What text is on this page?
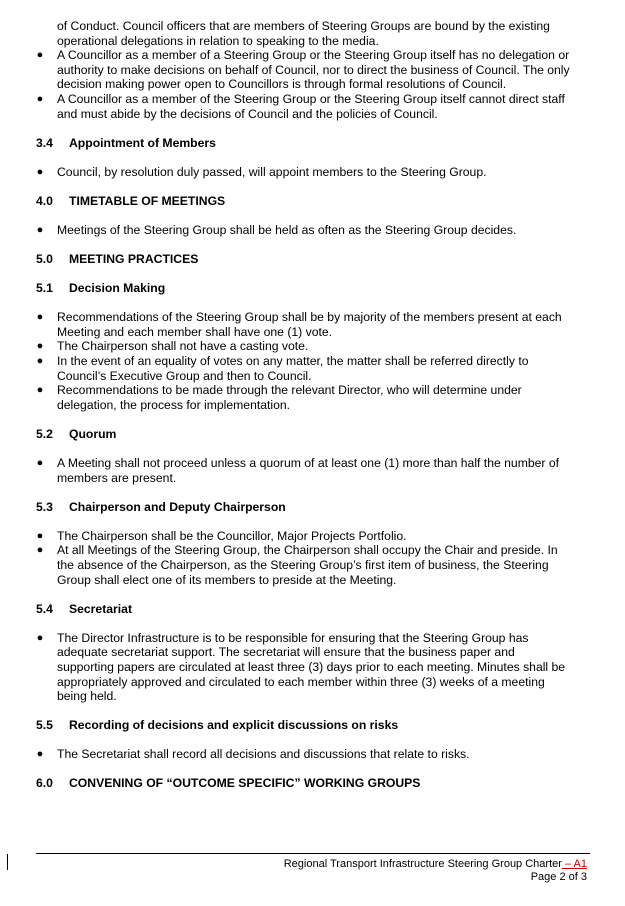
of Conduct. Council officers that are members of Steering Groups are bound by the existing
operational delegations in relation to speaking to the media.
● A Councillor as a member of a Steering Group or the Steering Group itself has no delegation or
authority to make decisions on behalf of Council, nor to direct the business of Council. The only
decision making power open to Councillors is through formal resolutions of Council.
● A Councillor as a member of the Steering Group or the Steering Group itself cannot direct staff
and must abide by the decisions of Council and the policies of Council.
3.4	Appointment of Members
● Council, by resolution duly passed, will appoint members to the Steering Group.
4.0	TIMETABLE OF MEETINGS
● Meetings of the Steering Group shall be held as often as the Steering Group decides.
5.0	MEETING PRACTICES
5.1	Decision Making
● Recommendations of the Steering Group shall be by majority of the members present at each
Meeting and each member shall have one (1) vote.
● The Chairperson shall not have a casting vote.
● In the event of an equality of votes on any matter, the matter shall be referred directly to
Council’s Executive Group and then to Council.
● Recommendations to be made through the relevant Director, who will determine under
delegation, the process for implementation.
5.2	Quorum
● A Meeting shall not proceed unless a quorum of at least one (1) more than half the number of
members are present.
5.3	Chairperson and Deputy Chairperson
● The Chairperson shall be the Councillor, Major Projects Portfolio.
● At all Meetings of the Steering Group, the Chairperson shall occupy the Chair and preside. In
the absence of the Chairperson, as the Steering Group’s first item of business, the Steering
Group shall elect one of its members to preside at the Meeting.
5.4	Secretariat
● The Director Infrastructure is to be responsible for ensuring that the Steering Group has
adequate secretariat support. The secretariat will ensure that the business paper and
supporting papers are circulated at least three (3) days prior to each meeting. Minutes shall be
appropriately approved and circulated to each member within three (3) weeks of a meeting
being held.
5.5	Recording of decisions and explicit discussions on risks
● The Secretariat shall record all decisions and discussions that relate to risks.
6.0	CONVENING OF “OUTCOME SPECIFIC” WORKING GROUPS
Regional Transport Infrastructure Steering Group Charter – A1
Page 2 of 3
